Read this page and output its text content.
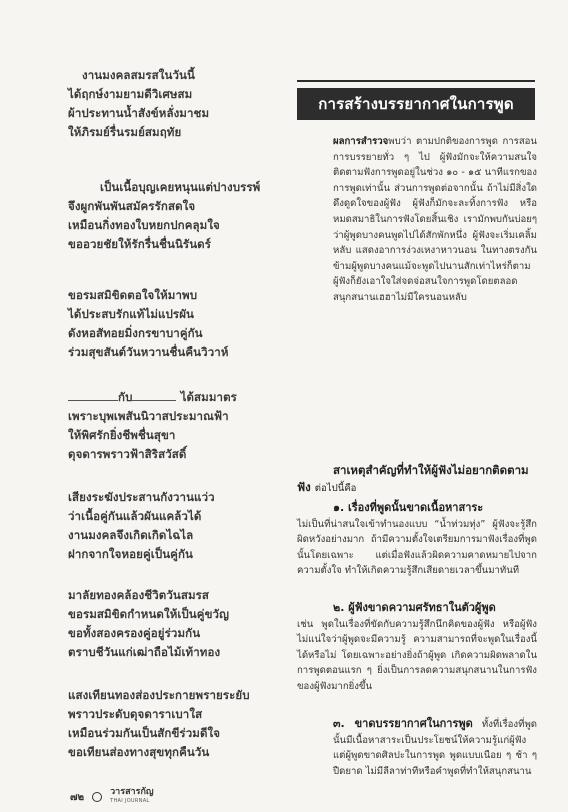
งานมงคลสมรสในวันนี้
ได้ฤกษ์งามยามดีวิเศษสม
ผ้าประทานน้ำสังข์หลั่งมาชม
ให้ภิรมย์รื่นรมย์สมฤทัย
เป็นเนื้อบุญเคยหนุนแต่ปางบรรพ์
จึงผูกพันพันสมัครรักสดใจ
เหมือนกิ่งทองใบหยกปกคลุมใจ
ขออวยชัยให้รักรื่นชื่นนิรันดร์
ขอรมสมิขิดตอใจให้มาพบ
ได้ประสบรักแท้ไม่แปรผัน
ดังหอสัทอยมิ่งกรขาบาคู่กัน
ร่วมสุขสันต์วันหวานชื่นคืนวิวาห์
กับ	ได้สมมาตร
เพราะบุพเพสันนิวาสประมาณฟ้า
ให้พิศรักยิ่งชีพชื่นสุขา
ดุจดารพราวฟ้าสิริสวัสดิ์
เสียงระฆังประสานกังวานแว่ว
ว่าเนื้อคู่กันแล้วผันแคล้วได้
งานมงคลจึงเกิดเกิดไฉไล
ฝากจากใจหอยคู่เป็นคู่กัน
มาลัยทองคล้องชีวิตวันสมรส
ขอรมสมิขิดกำหนดให้เป็นคู่ขวัญ
ขอทั้งสองครองคู่อยู่ร่วมกัน
ตราบชีวันแก่เฒ่าถือไม้เท้าทอง
แสงเทียนทองส่องประกายพรายระยับ
พราวประดับดุจดาราเบาใส
เหมือนร่วมกันเป็นสักขีร่วมดีใจ
ขอเทียนส่องทางสุขทุกคืนวัน
การสร้างบรรยากาศในการพูด

ผลการสำรวจพบว่า ตามปกติของการพูด การสอน การบรรยายทั่ว ๆ ไป ผู้ฟังมักจะให้ความสนใจติดตามฟังการพูดอยู่ในช่วง ๑๐ - ๑๕ นาทีแรกของการพูดเท่านั้น ส่วนการพูดต่อจากนั้น ถ้าไม่มีสิ่งใดดึงดูดใจของผู้ฟัง ผู้ฟังก็มักจะละทิ้งการฟัง หรือหมดสมาธิในการฟังโดยสิ้นเชิง เรามักพบกันบ่อยๆ ว่าผู้พูดบางคนพูดไปได้สักพักหนึ่ง ผู้ฟังจะเริ่มเคลิ้มหลับ แสดงอาการง่วงเหงาหาวนอน ในทางตรงกันข้ามผู้พูดบางคนแม้จะพูดไปนานสักเท่าไหร่ก็ตาม ผู้ฟังก็ยังเอาใจใส่จดจ่อสนใจการพูดโดยตลอด สนุกสนานเฮฮาไม่มีใครนอนหลับ

สาเหตุสำคัญที่ทำให้ผู้ฟังไม่อยากติดตามฟัง ต่อไปนี้คือ

๑. เรื่องที่พูดนั้นขาดเนื้อหาสาระ

ไม่เป็นที่น่าสนใจเข้าทำนองแบบ “น้ำท่วมทุ่ง” ผู้ฟังจะรู้สึกผิดหวังอย่างมาก ถ้ามีความตั้งใจเตรียมการมาฟังเรื่องที่พูดนั้นโดยเฉพาะ แต่เมื่อฟังแล้วผิดความคาดหมายไปจากความตั้งใจ ทำให้เกิดความรู้สึกเสียดายเวลาขึ้นมาทันที

๒. ผู้ฟังขาดความศรัทธาในตัวผู้พูด

เช่น พูดในเรื่องที่ขัดกับความรู้สึกนึกคิดของผู้ฟัง หรือผู้ฟังไม่แน่ใจว่าผู้พูดจะมีความรู้ ความสามารถที่จะพูดในเรื่องนี้ได้หรือไม่ โดยเฉพาะอย่างยิ่งถ้าผู้พูด เกิดความผิดพลาดในการพูดตอนแรก ๆ ยิ่งเป็นการลดความสนุกสนานในการฟังของผู้ฟังมากยิ่งขึ้น

๓. ขาดบรรยากาศในการพูด ทั้งที่เรื่องที่พูดนั้นมีเนื้อหาสาระเป็นประโยชน์ให้ความรู้แก่ผู้ฟัง แต่ผู้พูดขาดศิลปะในการพูด พูดแบบเนือย ๆ ช้า ๆ ปืดยาด ไม่มีลีลาท่าทีหรือคำพูดที่ทำให้สนุกสนาน

๗๒	วารสารกัญ
THAI JOURNAL
